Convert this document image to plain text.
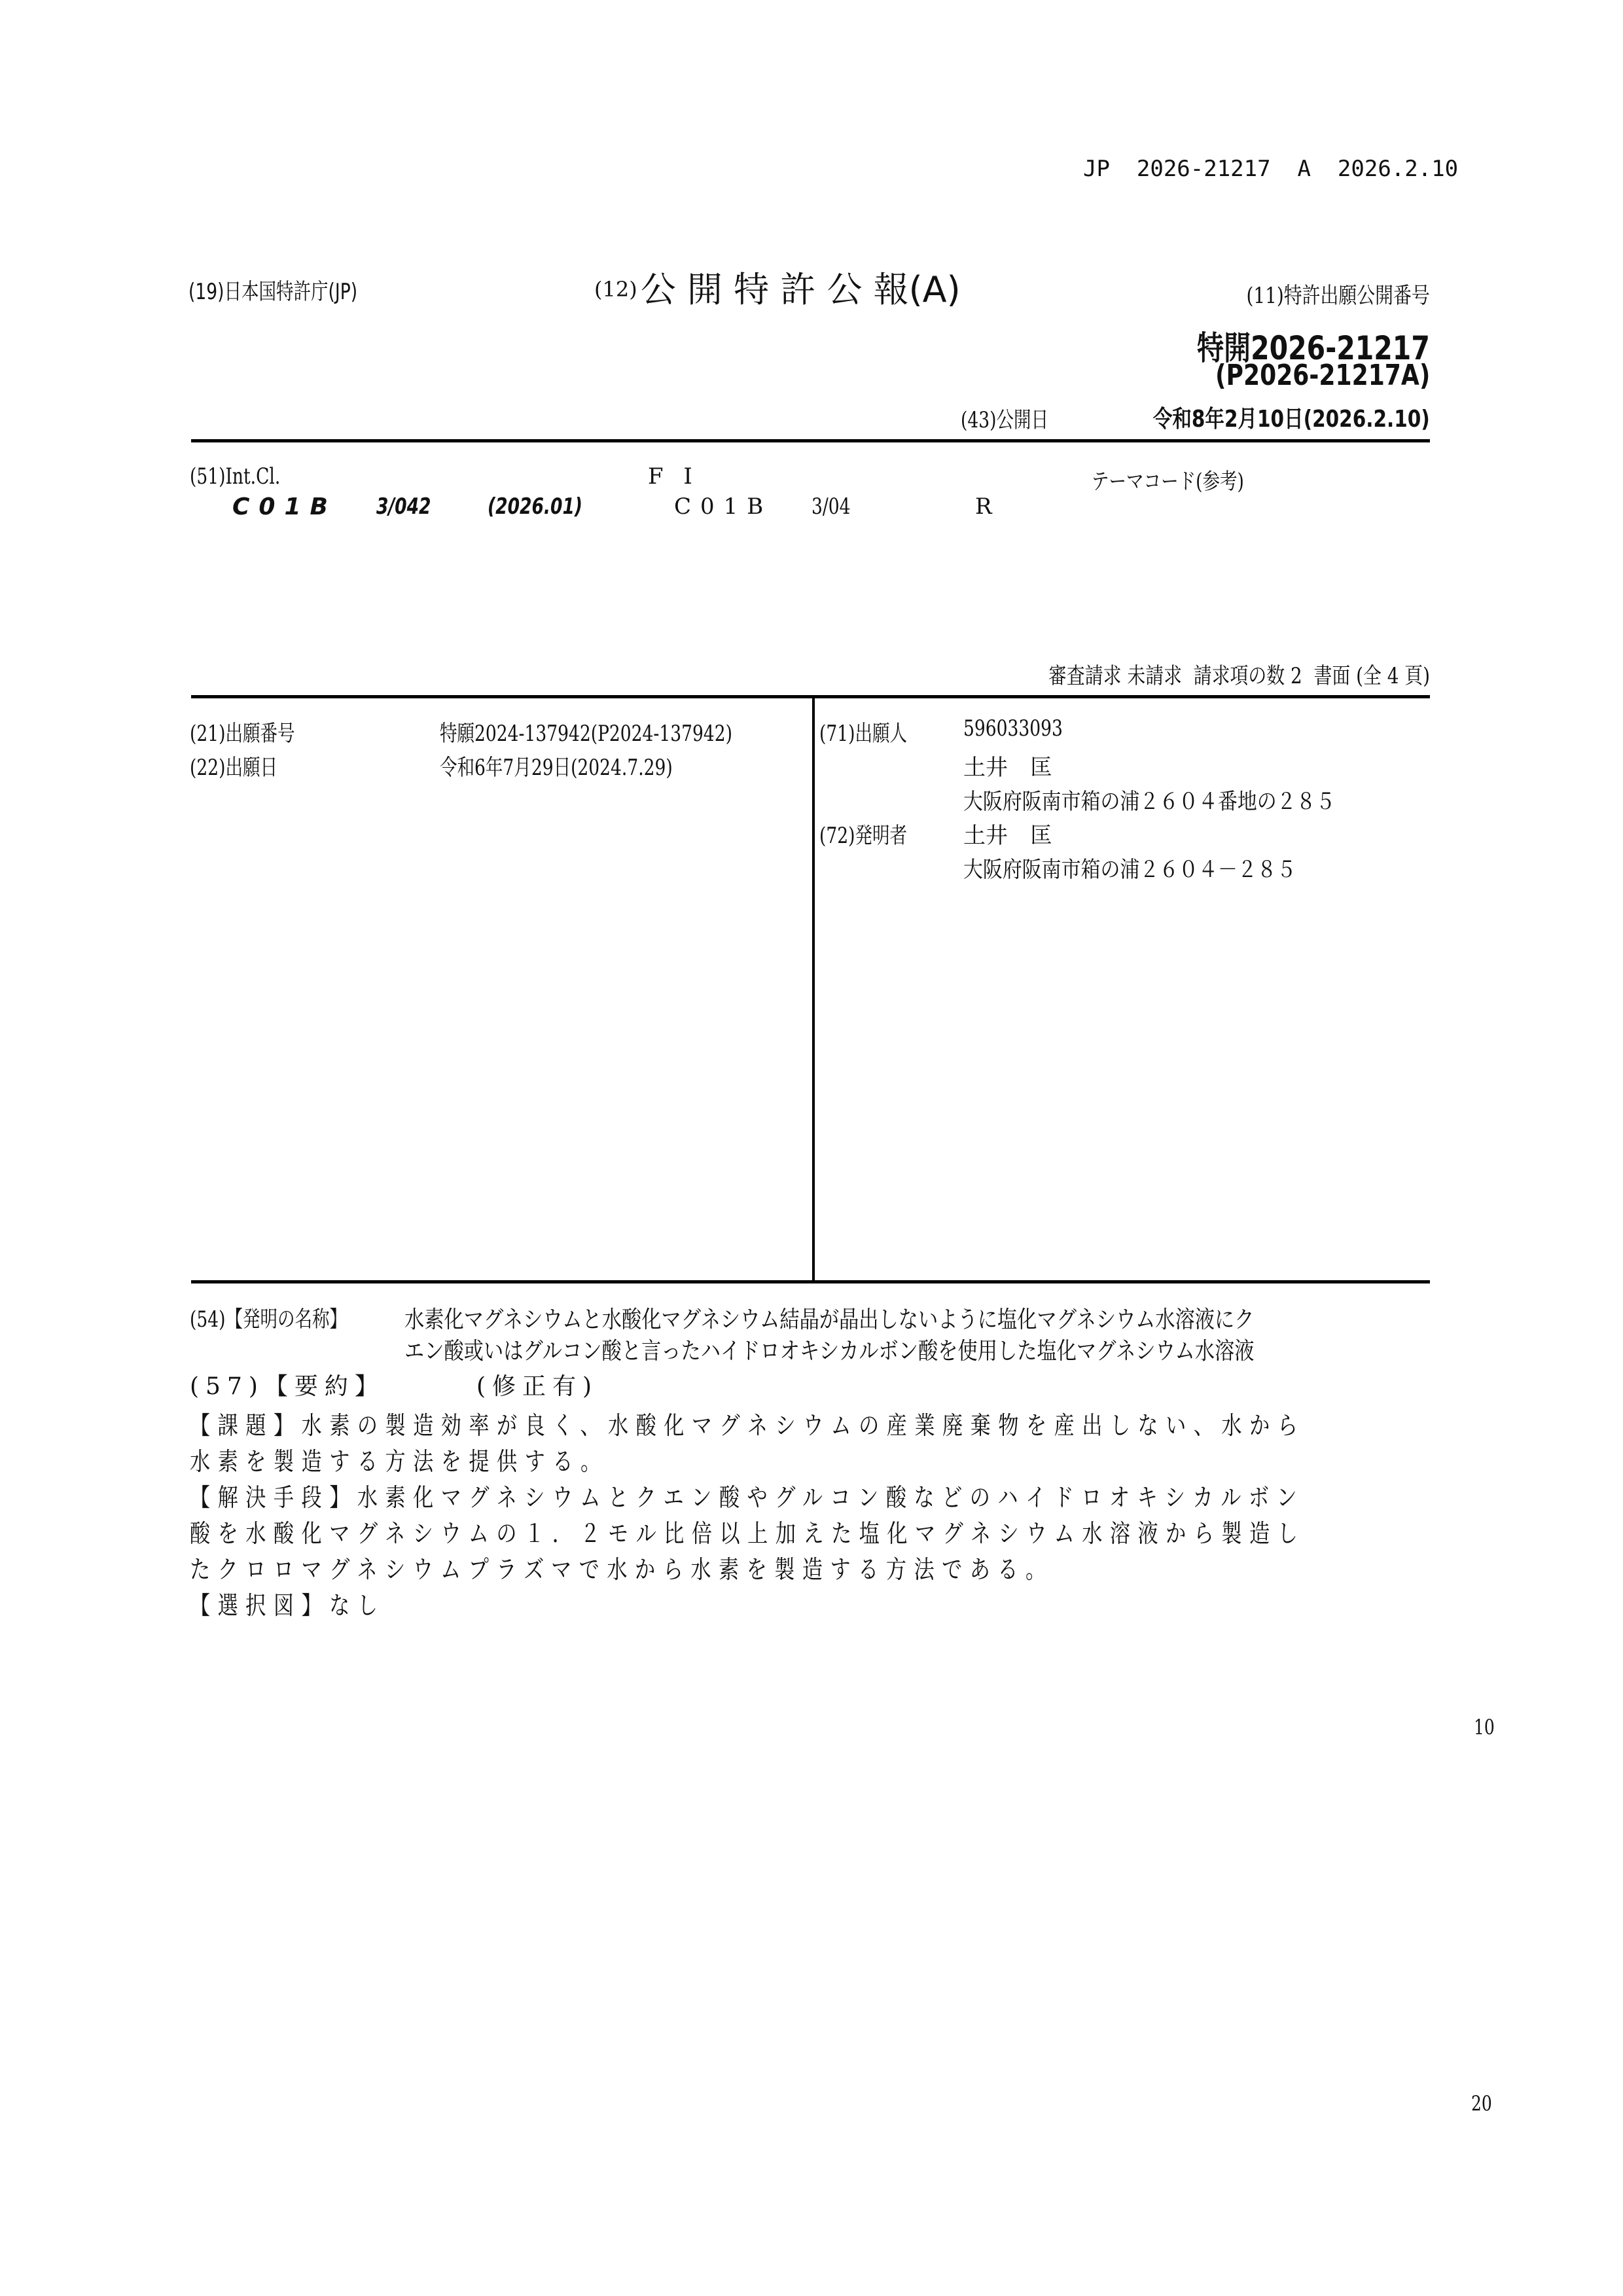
JP  2026-21217  A  2026.2.10
(19)日本国特許庁(JP)	(12) 公 開 特 許 公 報(A)	(11)特許出願公開番号
特開2026-21217
(P2026-21217A)
(43)公開日	令和8年2月10日(2026.2.10)
(51)Int.Cl.
C01B 3/042	(2026.01)
F I
C01B 3/04	R
テーマコード(参考)
審査請求 未請求  請求項の数 2  書面 (全 4 頁)
(21)出願番号	特願2024-137942(P2024-137942)
(22)出願日	令和6年7月29日(2024.7.29)
(71)出願人	596033093
土井　匡
大阪府阪南市箱の浦２６０４番地の２８５
(72)発明者	土井　匡
大阪府阪南市箱の浦２６０４－２８５
(54)【発明の名称】	水素化マグネシウムと水酸化マグネシウム結晶が晶出しないように塩化マグネシウム水溶液にク
エン酸或いはグルコン酸と言ったハイドロオキシカルボン酸を使用した塩化マグネシウム水溶液
(57)【要約】	(修正有)
【課題】水素の製造効率が良く、水酸化マグネシウムの産業廃棄物を産出しない、水から
水素を製造する方法を提供する。
【解決手段】水素化マグネシウムとクエン酸やグルコン酸などのハイドロオキシカルボン
酸を水酸化マグネシウムの１．２モル比倍以上加えた塩化マグネシウム水溶液から製造し
たクロロマグネシウムプラズマで水から水素を製造する方法である。
【選択図】なし
10
20
